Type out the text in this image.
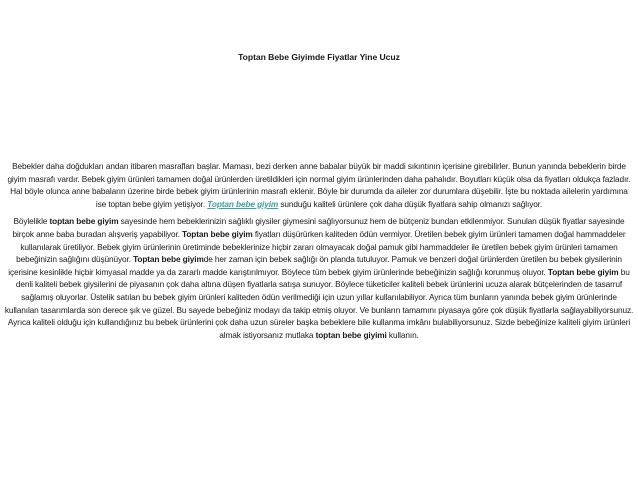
Toptan Bebe Giyimde Fiyatlar Yine Ucuz

Bebekler daha doğdukları andan itibaren masrafları başlar. Maması, bezi derken anne babalar büyük bir maddi sıkıntının içerisine girebilirler. Bunun yanında bebeklerin birde giyim masrafı vardır. Bebek giyim ürünleri tamamen doğal ürünlerden üretildikleri için normal giyim ürünlerinden daha pahalıdır. Boyutları küçük olsa da fiyatları oldukça fazladır. Hal böyle olunca anne babaların üzerine birde bebek giyim ürünlerinin masrafı eklenir. Böyle bir durumda da aileler zor durumlara düşebilir. İşte bu noktada ailelerin yardımına ise toptan bebe giyim yetişiyor. Toptan bebe giyim sunduğu kaliteli ürünlere çok daha düşük fiyatlara sahip olmanızı sağlıyor.

Böylelikle toptan bebe giyim sayesinde hem bebeklerinizin sağlıklı giysiler giymesini sağlıyorsunuz hem de bütçeniz bundan etkilenmiyor. Sunulan düşük fiyatlar sayesinde birçok anne baba buradan alışveriş yapabiliyor. Toptan bebe giyim fiyatları düşürürken kaliteden ödün vermiyor. Üretilen bebek giyim ürünleri tamamen doğal hammaddeler kullanılarak üretiliyor. Bebek giyim ürünlerinin üretiminde bebeklerinize hiçbir zararı olmayacak doğal pamuk gibi hammaddeler ile üretilen bebek giyim ürünleri tamamen bebeğinizin sağlığını düşünüyor. Toptan bebe giyimde her zaman için bebek sağlığı ön planda tutuluyor. Pamuk ve benzeri doğal ürünlerden üretilen bu bebek giysilerinin içerisine kesinlikle hiçbir kimyasal madde ya da zararlı madde karıştırılmıyor. Böylece tüm bebek giyim ürünlerinde bebeğinizin sağlığı korunmuş oluyor. Toptan bebe giyim bu denli kaliteli bebek giysilerini de piyasanın çok daha altına düşen fiyatlarla satışa sunuyor. Böylece tüketiciler kaliteli bebek ürünlerini ucuza alarak bütçelerinden de tasarruf sağlamış oluyorlar. Üstelik satılan bu bebek giyim ürünleri kaliteden ödün verilmediği için uzun yıllar kullanılabiliyor. Ayrıca tüm bunların yanında bebek giyim ürünlerinde kullanılan tasarımlarda son derece şık ve güzel. Bu sayede bebeğiniz modayı da takip etmiş oluyor. Ve bunların tamamını piyasaya göre çok düşük fiyatlarla sağlayabiliyorsunuz. Ayrıca kaliteli olduğu için kullandığınız bu bebek ürünlerini çok daha uzun süreler başka bebeklere bile kullanma imkânı bulabiliyorsunuz. Sizde bebeğinize kaliteli giyim ürünleri almak istiyorsanız mutlaka toptan bebe giyimi kullanın.
